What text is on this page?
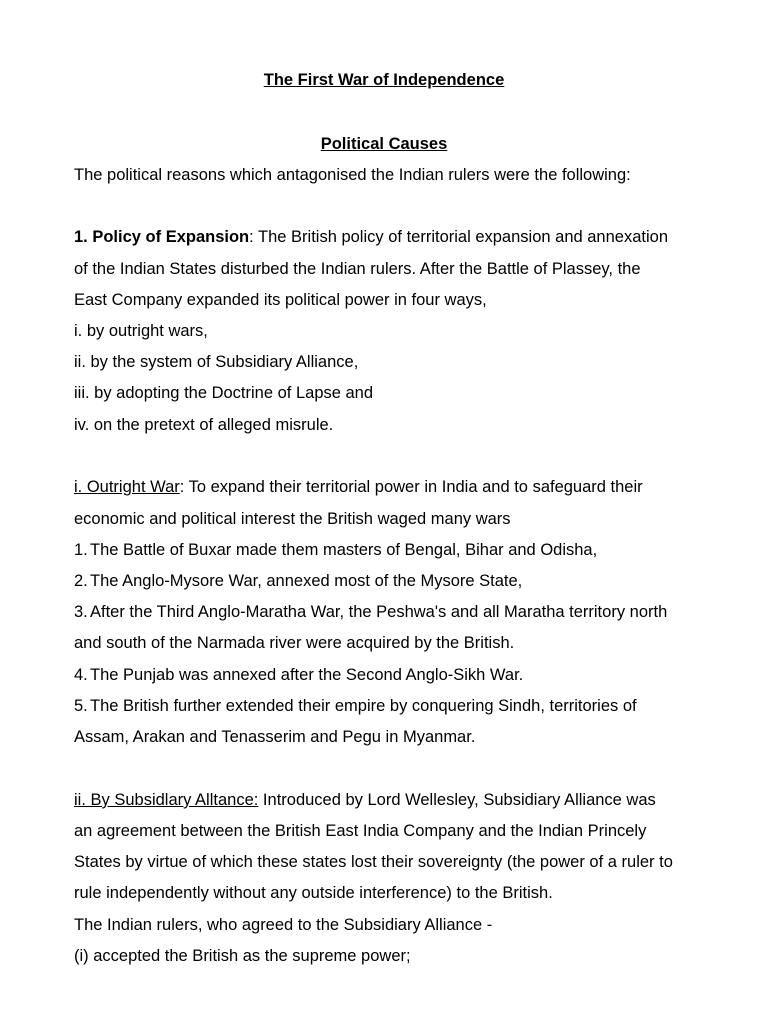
The First War of Independence
Political Causes
The political reasons which antagonised the Indian rulers were the following:
1. Policy of Expansion: The British policy of territorial expansion and annexation
of the Indian States disturbed the Indian rulers. After the Battle of Plassey, the
East Company expanded its political power in four ways,
i. by outright wars,
ii. by the system of Subsidiary Alliance,
iii. by adopting the Doctrine of Lapse and
iv. on the pretext of alleged misrule.
i. Outright War: To expand their territorial power in India and to safeguard their
economic and political interest the British waged many wars
1. The Battle of Buxar made them masters of Bengal, Bihar and Odisha,
2. The Anglo-Mysore War, annexed most of the Mysore State,
3. After the Third Anglo-Maratha War, the Peshwa's and all Maratha territory north
and south of the Narmada river were acquired by the British.
4. The Punjab was annexed after the Second Anglo-Sikh War.
5. The British further extended their empire by conquering Sindh, territories of
Assam, Arakan and Tenasserim and Pegu in Myanmar.
ii. By Subsidlary Alltance: Introduced by Lord Wellesley, Subsidiary Alliance was
an agreement between the British East India Company and the Indian Princely
States by virtue of which these states lost their sovereignty (the power of a ruler to
rule independently without any outside interference) to the British.
The Indian rulers, who agreed to the Subsidiary Alliance -
(i) accepted the British as the supreme power;
